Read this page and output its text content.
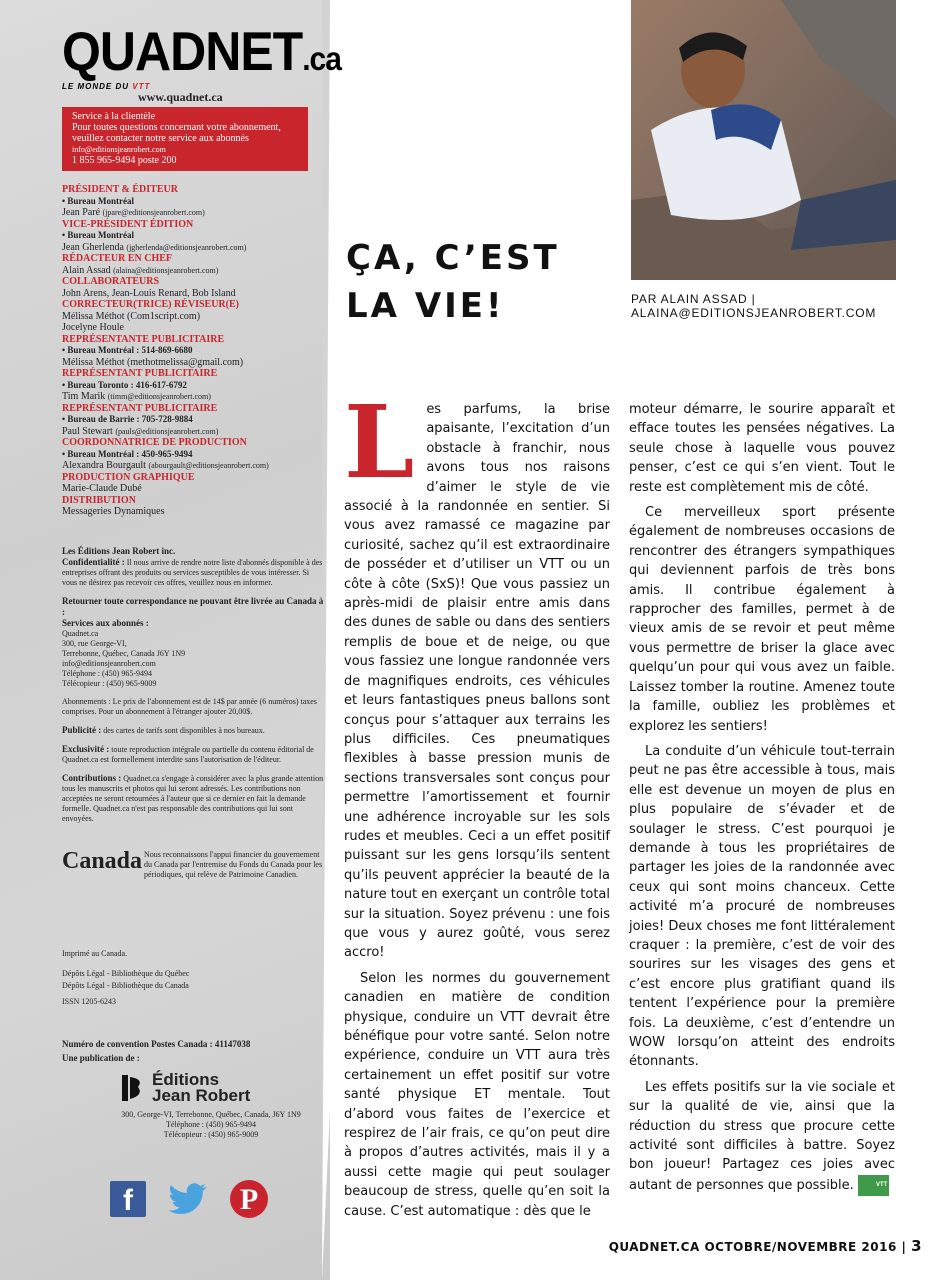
QUADNET.ca
LE MONDE DU VTT
www.quadnet.ca
Service à la clientèle
Pour toutes questions concernant votre abonnement,
veuillez contacter notre service aux abonnés
info@editionsjeanrobert.com
1 855 965-9494 poste 200
PRÉSIDENT & ÉDITEUR
• Bureau Montréal
Jean Paré (jpare@editionsjeanrobert.com)
VICE-PRÉSIDENT ÉDITION
• Bureau Montréal
Jean Gherlenda (jgherlenda@editionsjeanrobert.com)
RÉDACTEUR EN CHEF
Alain Assad (alaina@editionsjeanrobert.com)
COLLABORATEURS
John Arens, Jean-Louis Renard, Bob Island
CORRECTEUR(TRICE) RÉVISEUR(E)
Mélissa Méthot (Com1script.com)
Jocelyne Houle
REPRÉSENTANTE PUBLICITAIRE
• Bureau Montréal : 514-869-6680
Mélissa Méthot (methotmelissa@gmail.com)
REPRÉSENTANT PUBLICITAIRE
• Bureau Toronto : 416-617-6792
Tim Marik (timm@editionsjeanrobert.com)
REPRÉSENTANT PUBLICITAIRE
• Bureau de Barrie : 705-728-9884
Paul Stewart (pauls@editionsjeanrobert.com)
COORDONNATRICE DE PRODUCTION
• Bureau Montréal : 450-965-9494
Alexandra Bourgault (abourgault@editionsjeanrobert.com)
PRODUCTION GRAPHIQUE
Marie-Claude Dubé
DISTRIBUTION
Messageries Dynamiques
Les Éditions Jean Robert inc.
Confidentialité : Il nous arrive de rendre notre liste d'abonnés disponible à des entreprises offrant des produits ou services susceptibles de vous intéresser. Si vous ne désirez pas recevoir ces offres, veuillez nous en informer.
Retourner toute correspondance ne pouvant être livrée au Canada à :
Services aux abonnés :
Quadnet.ca
300, rue George-VI,
Terrebonne, Québec, Canada J6Y 1N9
info@editionsjeanrobert.com
Téléphone : (450) 965-9494
Télécopieur : (450) 965-9009
Abonnements : Le prix de l'abonnement est de 14$ par année (6 numéros) taxes comprises. Pour un abonnement à l'étranger ajouter 20,00$.
Publicité : des cartes de tarifs sont disponibles à nos bureaux.
Exclusivité : toute reproduction intégrale ou partielle du contenu éditorial de Quadnet.ca est formellement interdite sans l'autorisation de l'éditeur.
Contributions : Quadnet.ca s'engage à considérer avec la plus grande attention tous les manuscrits et photos qui lui seront adressés. Les contributions non acceptées ne seront retournées à l'auteur que si ce dernier en fait la demande formelle. Quadnet.ca n'est pas responsable des contributions qui lui sont envoyées.
Canada Nous reconnaissons l'appui financier du gouvernement du Canada par l'entremise du Fonds du Canada pour les périodiques, qui relève de Patrimoine Canadien.
Imprimé au Canada.
Dépôts Légal - Bibliothèque du Québec
Dépôts Légal - Bibliothèque du Canada
ISSN 1205-6243
Numéro de convention Postes Canada : 41147038
Une publication de :
Éditions
Jean Robert
300, George-VI, Terrebonne, Québec, Canada, J6Y 1N9
Téléphone : (450) 965-9494
Télécopieur : (450) 965-9009
f	P
ÇA, C’EST
LA VIE!	PAR ALAIN ASSAD |
ALAINA@EDITIONSJEANROBERT.COM

Les parfums, la brise apaisante, l’excitation d’un obstacle à franchir, nous avons tous nos raisons d’aimer le style de vie associé à la randonnée en sentier. Si vous avez ramassé ce magazine par curiosité, sachez qu’il est extraordinaire de posséder et d’utiliser un VTT ou un côte à côte (SxS)! Que vous passiez un après-midi de plaisir entre amis dans des dunes de sable ou dans des sentiers remplis de boue et de neige, ou que vous fassiez une longue randonnée vers de magnifiques endroits, ces véhicules et leurs fantastiques pneus ballons sont conçus pour s’attaquer aux terrains les plus difficiles. Ces pneumatiques flexibles à basse pression munis de sections transversales sont conçus pour permettre l’amortissement et fournir une adhérence incroyable sur les sols rudes et meubles. Ceci a un effet positif puissant sur les gens lorsqu’ils sentent qu’ils peuvent apprécier la beauté de la nature tout en exerçant un contrôle total sur la situation. Soyez prévenu : une fois que vous y aurez goûté, vous serez accro!

Selon les normes du gouvernement canadien en matière de condition physique, conduire un VTT devrait être bénéfique pour votre santé. Selon notre expérience, conduire un VTT aura très certainement un effet positif sur votre santé physique ET mentale. Tout d’abord vous faites de l’exercice et respirez de l’air frais, ce qu’on peut dire à propos d’autres activités, mais il y a aussi cette magie qui peut soulager beaucoup de stress, quelle qu’en soit la cause. C’est automatique : dès que le

moteur démarre, le sourire apparaît et efface toutes les pensées négatives. La seule chose à laquelle vous pouvez penser, c’est ce qui s’en vient. Tout le reste est complètement mis de côté.

Ce merveilleux sport présente également de nombreuses occasions de rencontrer des étrangers sympathiques qui deviennent parfois de très bons amis. Il contribue également à rapprocher des familles, permet à de vieux amis de se revoir et peut même vous permettre de briser la glace avec quelqu’un pour qui vous avez un faible. Laissez tomber la routine. Amenez toute la famille, oubliez les problèmes et explorez les sentiers!

La conduite d’un véhicule tout-terrain peut ne pas être accessible à tous, mais elle est devenue un moyen de plus en plus populaire de s’évader et de soulager le stress. C’est pourquoi je demande à tous les propriétaires de partager les joies de la randonnée avec ceux qui sont moins chanceux. Cette activité m’a procuré de nombreuses joies! Deux choses me font littéralement craquer : la première, c’est de voir des sourires sur les visages des gens et c’est encore plus gratifiant quand ils tentent l’expérience pour la première fois. La deuxième, c’est d’entendre un WOW lorsqu’on atteint des endroits étonnants.

Les effets positifs sur la vie sociale et sur la qualité de vie, ainsi que la réduction du stress que procure cette activité sont difficiles à battre. Soyez bon joueur! Partagez ces joies avec autant de personnes que possible.	VTT

QUADNET.CA OCTOBRE/NOVEMBRE 2016 | 3
